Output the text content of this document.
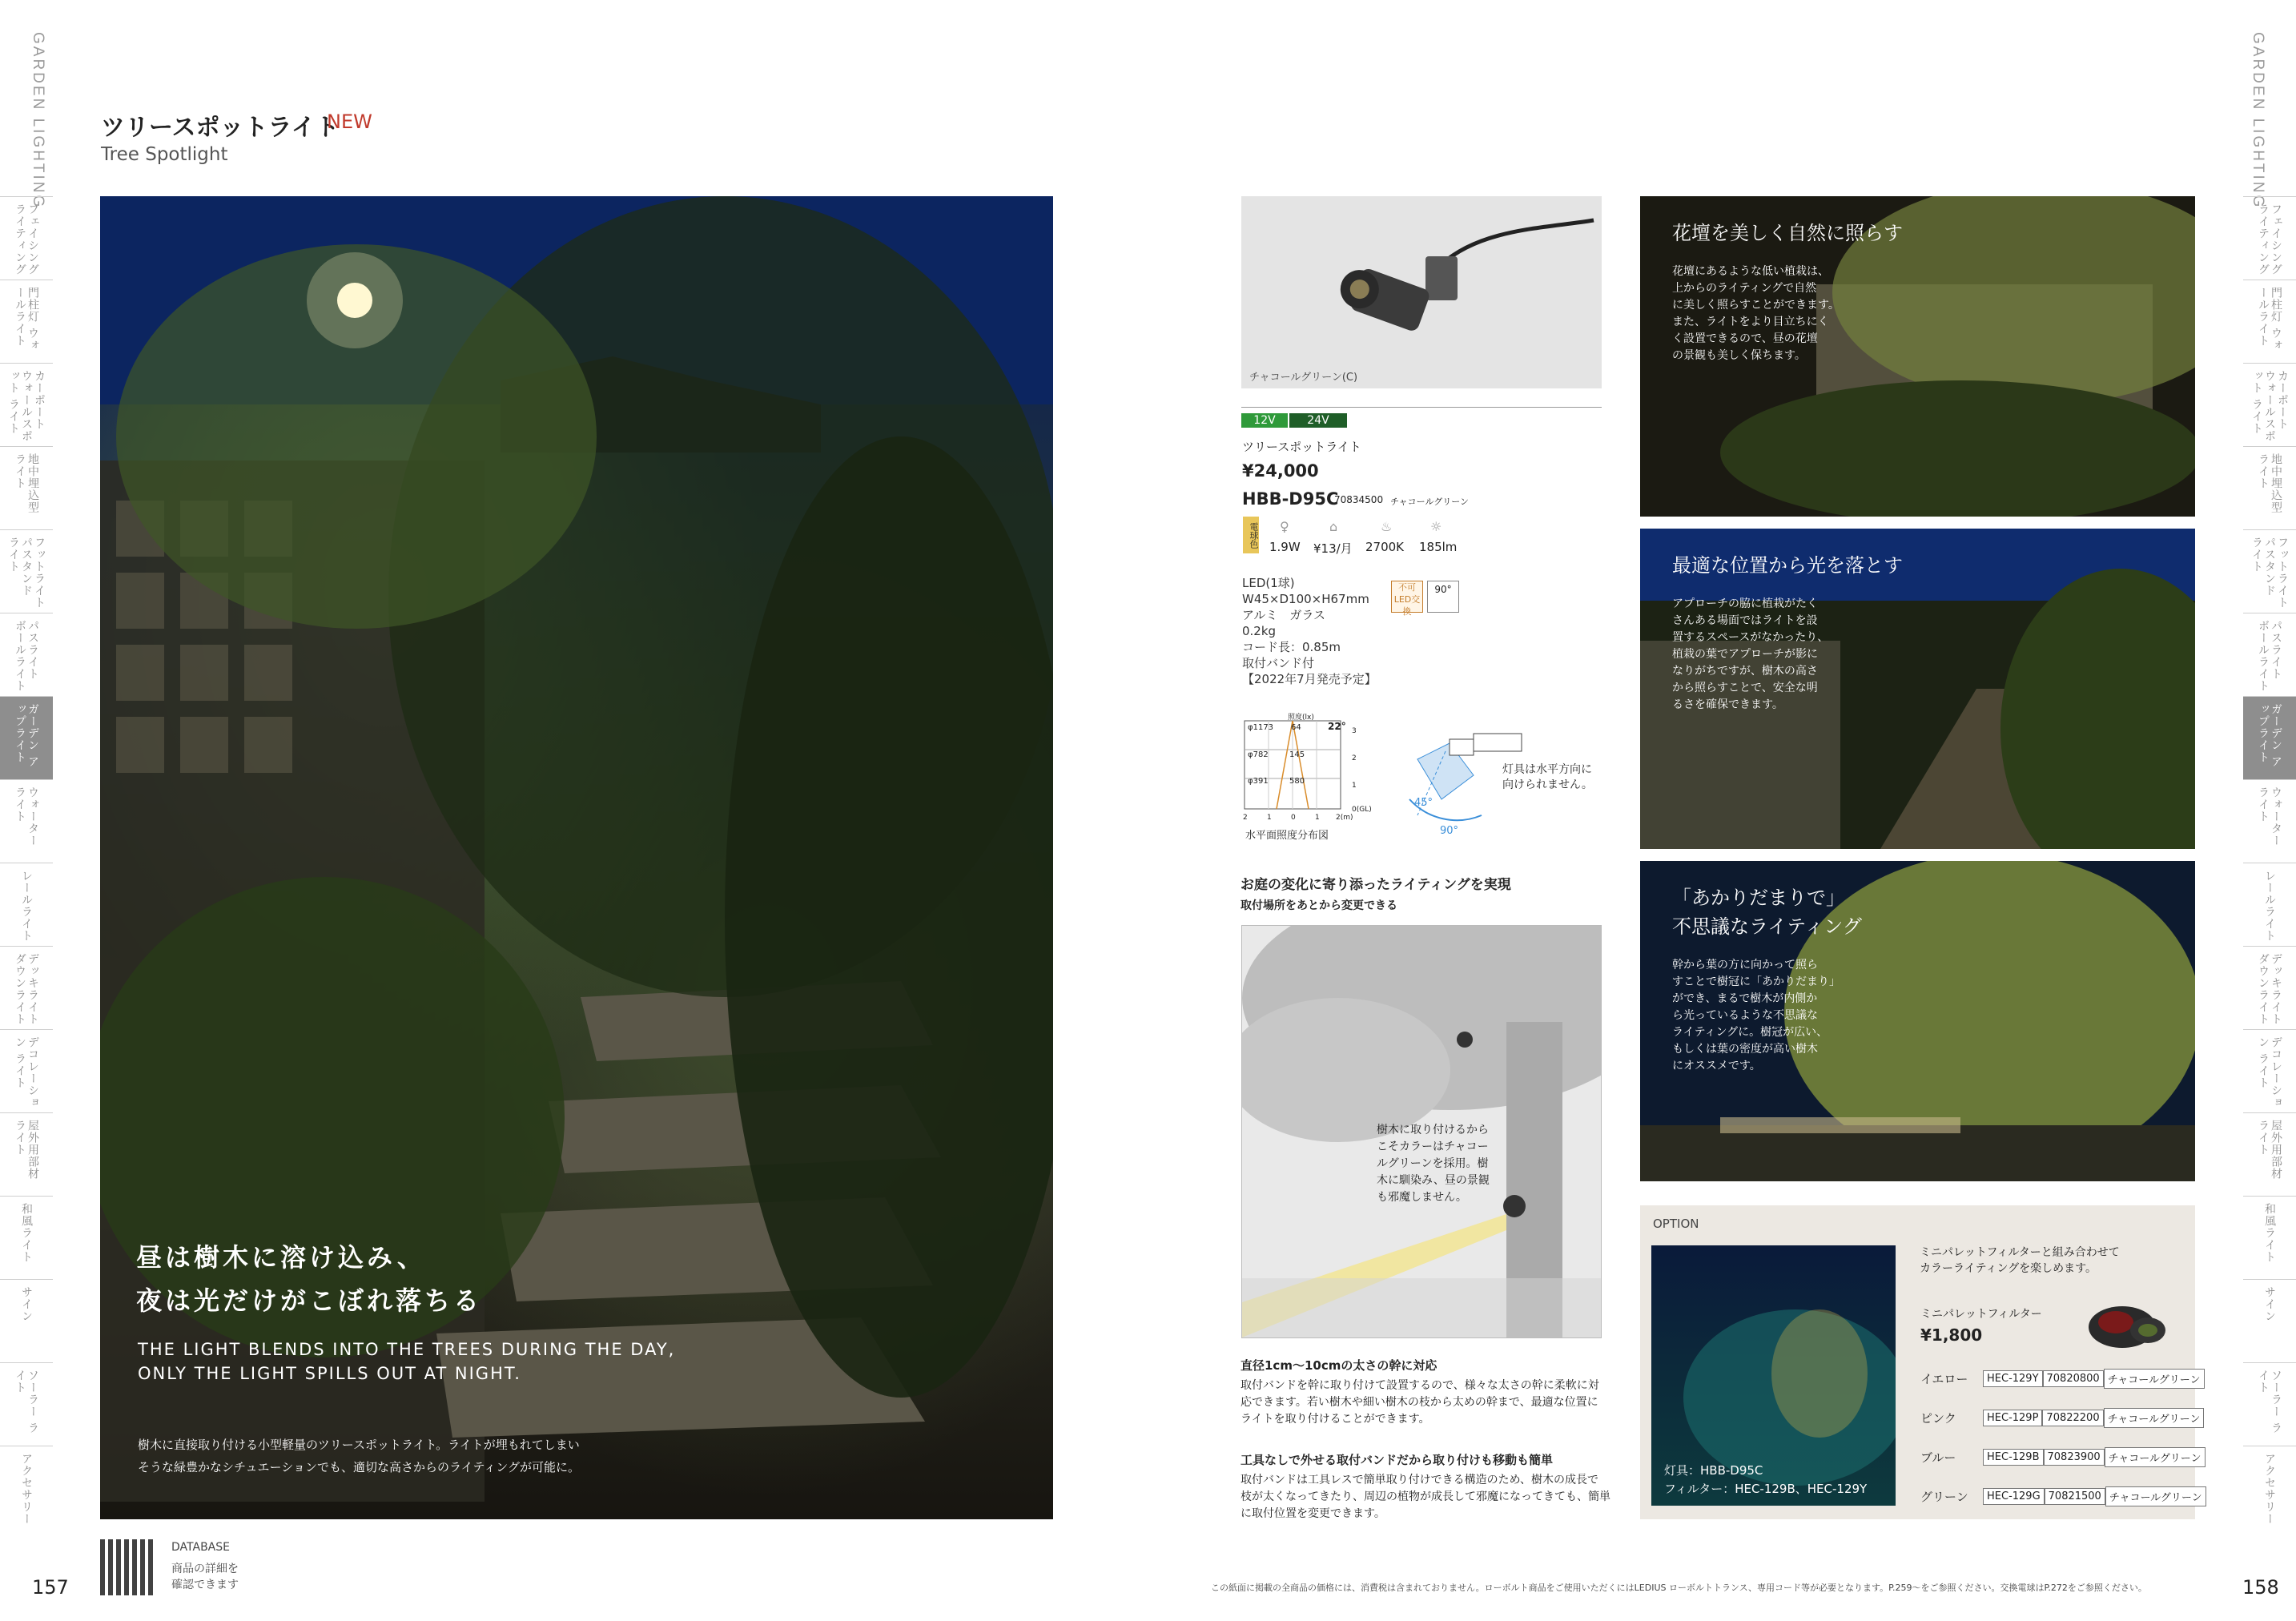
GARDEN LIGHTING
フェイシング ライティング
門柱灯 ウォールライト
カーポート ウォールスポット ライト
地中埋込型 ライト
フットライト パスタンド ライト
パスライト ボールライト
ガーデン アップライト
ウォーター ライト
レールライト
デッキライト ダウンライト
デコレーション ライト
屋外用部材 ライト
和風ライト
サイン
ソーラー ライト
アクセサリー
GARDEN LIGHTING
フェイシング ライティング
門柱灯 ウォールライト
カーポート ウォールスポット ライト
地中埋込型 ライト
フットライト パスタンド ライト
パスライト ボールライト
ガーデン アップライト
ウォーター ライト
レールライト
デッキライト ダウンライト
デコレーション ライト
屋外用部材 ライト
和風ライト
サイン
ソーラー ライト
アクセサリー
ツリースポットライト
NEW
Tree Spotlight
昼は樹木に溶け込み、
夜は光だけがこぼれ落ちる
THE LIGHT BLENDS INTO THE TREES DURING THE DAY,
ONLY THE LIGHT SPILLS OUT AT NIGHT.
樹木に直接取り付ける小型軽量のツリースポットライト。ライトが埋もれてしまい
そうな緑豊かなシチュエーションでも、適切な高さからのライティングが可能に。
チャコールグリーン(C)
12V	24V
ツリースポットライト
¥24,000
HBB-D95C
70834500 チャコールグリーン
電球色 ♀
1.9W
⌂
¥13/月
♨
2700K
☼
185lm
LED(1球)
W45×D100×H67mm
アルミ　ガラス
0.2kg
コード長：0.85m
取付バンド付
【2022年7月発売予定】
不可 LED交換
90°
照度(lx)
φ1173 64
φ782	145
φ391	580
22° 3
2
1
0(GL)
2	1	0	1 2(m)
水平面照度分布図
45°
90°
灯具は水平方向に
向けられません。
お庭の変化に寄り添ったライティングを実現
取付場所をあとから変更できる
樹木に取り付けるから
こそカラーはチャコー
ルグリーンを採用。樹
木に馴染み、昼の景観
も邪魔しません。
直径1cm～10cmの太さの幹に対応
取付バンドを幹に取り付けて設置するので、様々な太さの幹に柔軟に対
応できます。若い樹木や細い樹木の枝から太めの幹まで、最適な位置に
ライトを取り付けることができます。
工具なしで外せる取付バンドだから取り付けも移動も簡単
取付バンドは工具レスで簡単取り付けできる構造のため、樹木の成長で
枝が太くなってきたり、周辺の植物が成長して邪魔になってきても、簡単
に取付位置を変更できます。
花壇を美しく自然に照らす
花壇にあるような低い植栽は、
上からのライティングで自然
に美しく照らすことができます。
また、ライトをより目立ちにく
く設置できるので、昼の花壇
の景観も美しく保ちます。
最適な位置から光を落とす
アプローチの脇に植栽がたく
さんある場面ではライトを設
置するスペースがなかったり、
植栽の葉でアプローチが影に
なりがちですが、樹木の高さ
から照らすことで、安全な明
るさを確保できます。
「あかりだまりで」
不思議なライティング
幹から葉の方に向かって照ら
すことで樹冠に「あかりだまり」
ができ、まるで樹木が内側か
ら光っているような不思議な
ライティングに。樹冠が広い、
もしくは葉の密度が高い樹木
にオススメです。
OPTION
灯具：HBB-D95C
フィルター：HEC-129B、HEC-129Y
ミニパレットフィルターと組み合わせて
カラーライティングを楽しめます。
ミニパレットフィルター
¥1,800
イエロー	HEC-129Y 70820800 チャコールグリーン
ピンク	HEC-129P 70822200 チャコールグリーン
ブルー	HEC-129B 70823900 チャコールグリーン
グリーン	HEC-129G 70821500 チャコールグリーン
157	158
DATABASE
商品の詳細を
確認できます	この紙面に掲載の全商品の価格には、消費税は含まれておりません。ローボルト商品をご使用いただくにはLEDIUS ローボルトトランス、専用コード等が必要となります。P.259～をご参照ください。交換電球はP.272をご参照ください。
